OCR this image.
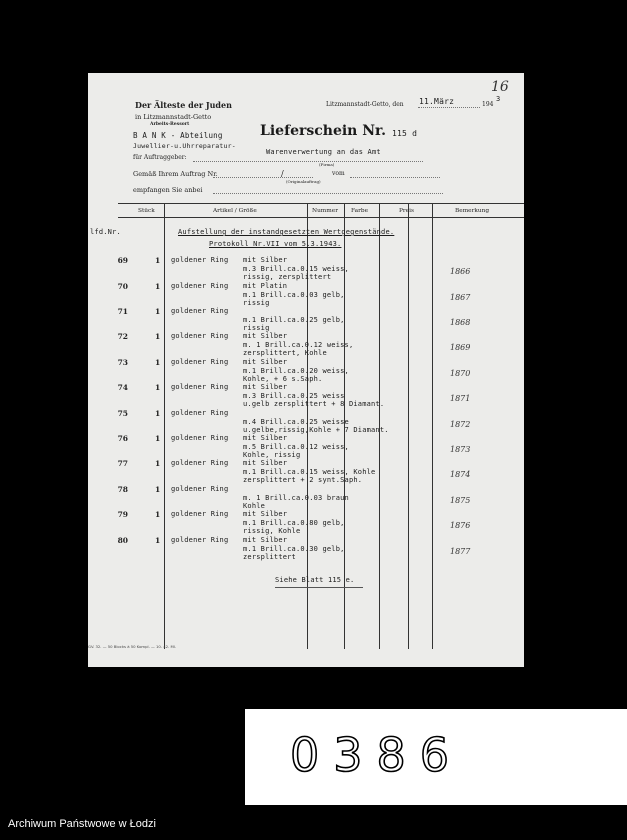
Der Älteste der Juden
in Litzmannstadt-Getto
Arbeits-Ressort
Litzmannstadt-Getto, den 11.März	194
3
16
B A N K - Abteilung
Juwellier-u.Uhrreparatur-
Lieferschein Nr. 115 d
für Auftraggeber:
Warenverwertung an das Amt
(Firma)
Gemäß Ihrem Auftrag Nr.	/	vom
(Originalauftrag)
empfangen Sie anbei
Stück	Artikel / Größe	Nummer Farbe	Preis	Bemerkung
lfd.Nr.	Aufstellung der instandgesetzten Wertgegenstände.
Protokoll Nr.VII vom 5.3.1943.
69	1 goldener Ring mit Silber
m.3 Brill.ca.0.15 weiss,
rissig, zersplittert
1866
70	1 goldener Ring mit Platin
m.1 Brill.ca.0.03 gelb,
rissig
1867
71	1 goldener Ring
m.1 Brill.ca.0.25 gelb,
rissig
1868
72	1 goldener Ring mit Silber
m. 1 Brill.ca.0.12 weiss,
zersplittert, Kohle
1869
73	1 goldener Ring mit Silber
m.1 Brill.ca.0.20 weiss,
Kohle, + 6 s.Saph.
1870
74	1 goldener Ring mit Silber
m.3 Brill.ca.0.25 weiss
u.gelb zersplittert + 8 Diamant.
1871
75	1 goldener Ring
m.4 Brill.ca.0.25 weisse
u.gelbe,rissig,Kohle + 7 Diamant.
1872
76	1 goldener Ring mit Silber
m.5 Brill.ca.0.12 weiss,
Kohle, rissig
1873
77	1 goldener Ring mit Silber
m.1 Brill.ca.0.15 weiss, Kohle
zersplittert + 2 synt.Saph.
1874
78	1 goldener Ring
m. 1 Brill.ca.0.03 braun
Kohle
1875
79	1 goldener Ring mit Silber
m.1 Brill.ca.0.80 gelb,
rissig, Kohle
1876
80	1 goldener Ring mit Silber
m.1 Brill.ca.0.30 gelb,
zersplittert
1877
Siehe Blatt 115 e.
GV. 32. — 50 Blocks à 50 Kompl. — 10. 42. Ml.
0386
Archiwum Państwowe w Łodzi
